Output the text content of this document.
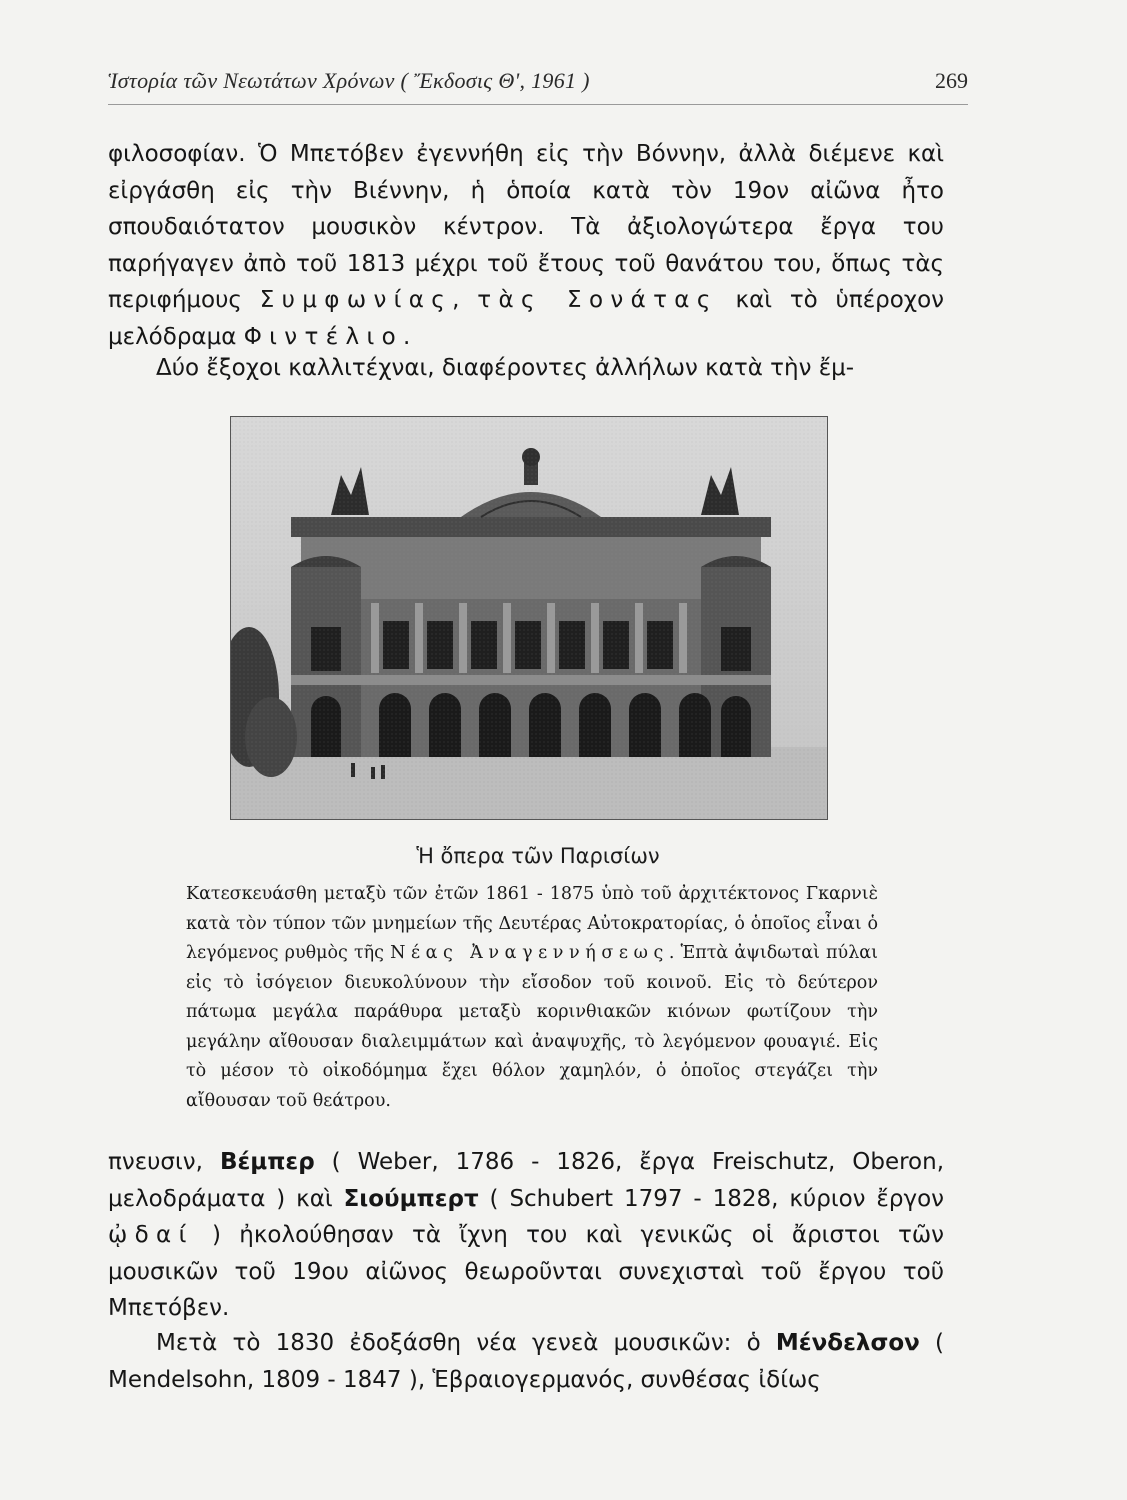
Ἱστορία τῶν Νεωτάτων Χρόνων ( Ἔκδοσις Θ', 1961 )	269

φιλοσοφίαν. Ὁ Μπετόβεν ἐγεννήθη εἰς τὴν Βόννην, ἀλλὰ διέμενε καὶ εἰργάσθη εἰς τὴν Βιέννην, ἡ ὁποία κατὰ τὸν 19ον αἰῶνα ἦτο σπουδαιότατον μουσικὸν κέντρον. Τὰ ἀξιολογώτερα ἔργα του παρήγαγεν ἀπὸ τοῦ 1813 μέχρι τοῦ ἔτους τοῦ θανάτου του, ὅπως τὰς περιφήμους Συμφωνίας, τὰς Σονάτας καὶ τὸ ὑπέροχον μελόδραμα Φιντέλιο.

Δύο ἔξοχοι καλλιτέχναι, διαφέροντες ἀλλήλων κατὰ τὴν ἔμ-

Ἡ ὄπερα τῶν Παρισίων
Κατεσκευάσθη μεταξὺ τῶν ἐτῶν 1861 - 1875 ὑπὸ τοῦ ἀρχιτέκτονος Γκαρνιὲ κατὰ τὸν τύπον τῶν μνημείων τῆς Δευτέρας Αὐτοκρατορίας, ὁ ὁποῖος εἶναι ὁ λεγόμενος ρυθμὸς τῆς Νέας Ἀναγεννήσεως. Ἑπτὰ ἀψιδωταὶ πύλαι εἰς τὸ ἰσόγειον διευκολύνουν τὴν εἴσοδον τοῦ κοινοῦ. Εἰς τὸ δεύτερον πάτωμα μεγάλα παράθυρα μεταξὺ κορινθιακῶν κιόνων φωτίζουν τὴν μεγάλην αἴθουσαν διαλειμμάτων καὶ ἀναψυχῆς, τὸ λεγόμενον φουαγιέ. Εἰς τὸ μέσον τὸ οἰκοδόμημα ἔχει θόλον χαμηλόν, ὁ ὁποῖος στεγάζει τὴν αἴθουσαν τοῦ θεάτρου.

πνευσιν, Βέμπερ ( Weber, 1786 - 1826, ἔργα Freischutz, Oberon, μελοδράματα ) καὶ Σιούμπερτ ( Schubert 1797 - 1828, κύριον ἔργον ᾠδαί ) ἠκολούθησαν τὰ ἴχνη του καὶ γενικῶς οἱ ἄριστοι τῶν μουσικῶν τοῦ 19ου αἰῶνος θεωροῦνται συνεχισταὶ τοῦ ἔργου τοῦ Μπετόβεν.

Μετὰ τὸ 1830 ἐδοξάσθη νέα γενεὰ μουσικῶν: ὁ Μένδελσον ( Mendelsohn, 1809 - 1847 ), Ἑβραιογερμανός, συνθέσας ἰδίως
